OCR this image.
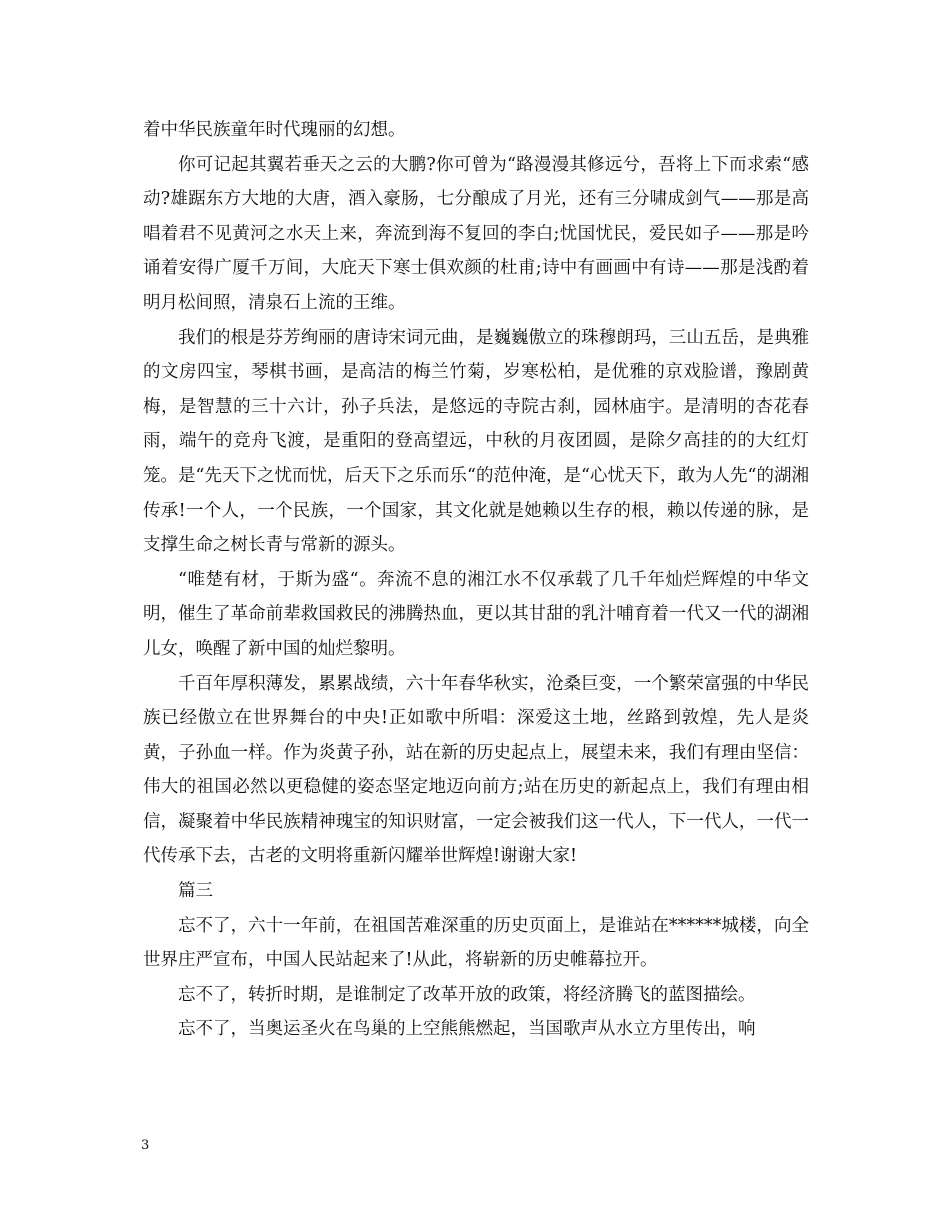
着中华民族童年时代瑰丽的幻想。

你可记起其翼若垂天之云的大鹏?你可曾为“路漫漫其修远兮，吾将上下而求索“感动?雄踞东方大地的大唐，酒入豪肠，七分酿成了月光，还有三分啸成剑气——那是高唱着君不见黄河之水天上来，奔流到海不复回的李白;忧国忧民，爱民如子——那是吟诵着安得广厦千万间，大庇天下寒士俱欢颜的杜甫;诗中有画画中有诗——那是浅酌着明月松间照，清泉石上流的王维。

我们的根是芬芳绚丽的唐诗宋词元曲，是巍巍傲立的珠穆朗玛，三山五岳，是典雅的文房四宝，琴棋书画，是高洁的梅兰竹菊，岁寒松柏，是优雅的京戏脸谱，豫剧黄梅，是智慧的三十六计，孙子兵法，是悠远的寺院古刹，园林庙宇。是清明的杏花春雨，端午的竞舟飞渡，是重阳的登高望远，中秋的月夜团圆，是除夕高挂的的大红灯笼。是“先天下之忧而忧，后天下之乐而乐“的范仲淹，是“心忧天下，敢为人先“的湖湘传承!一个人，一个民族，一个国家，其文化就是她赖以生存的根，赖以传递的脉，是支撑生命之树长青与常新的源头。

“唯楚有材，于斯为盛“。奔流不息的湘江水不仅承载了几千年灿烂辉煌的中华文明，催生了革命前辈救国救民的沸腾热血，更以其甘甜的乳汁哺育着一代又一代的湖湘儿女，唤醒了新中国的灿烂黎明。

千百年厚积薄发，累累战绩，六十年春华秋实，沧桑巨变，一个繁荣富强的中华民族已经傲立在世界舞台的中央!正如歌中所唱：深爱这土地，丝路到敦煌，先人是炎黄，子孙血一样。作为炎黄子孙，站在新的历史起点上，展望未来，我们有理由坚信：伟大的祖国必然以更稳健的姿态坚定地迈向前方;站在历史的新起点上，我们有理由相信，凝聚着中华民族精神瑰宝的知识财富，一定会被我们这一代人，下一代人，一代一代传承下去，古老的文明将重新闪耀举世辉煌!谢谢大家!

篇三

忘不了，六十一年前，在祖国苦难深重的历史页面上，是谁站在******城楼，向全世界庄严宣布，中国人民站起来了!从此，将崭新的历史帷幕拉开。

忘不了，转折时期，是谁制定了改革开放的政策，将经济腾飞的蓝图描绘。

忘不了，当奥运圣火在鸟巢的上空熊熊燃起，当国歌声从水立方里传出，响

3
